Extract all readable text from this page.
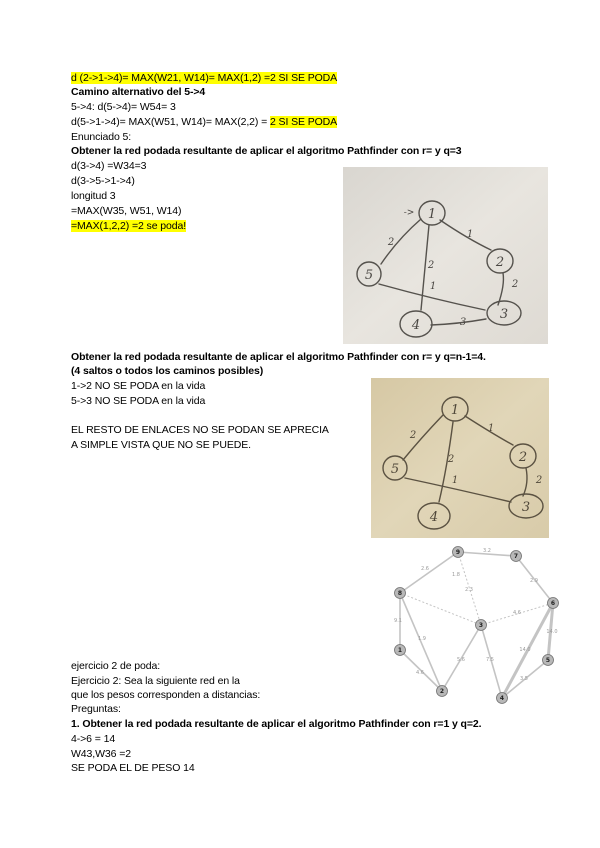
d (2->1->4)= MAX(W21, W14)= MAX(1,2) =2 SI SE PODA
Camino alternativo del 5->4
5->4: d(5->4)= W54= 3
d(5->1->4)= MAX(W51, W14)= MAX(2,2) = 2 SI SE PODA
Enunciado 5:
Obtener la red podada resultante de aplicar el algoritmo Pathfinder con r= y q=3
d(3->4) =W34=3
d(3->5->1->4)
longitud 3
=MAX(W35, W51, W14)
=MAX(1,2,2) =2 se poda!
Obtener la red podada resultante de aplicar el algoritmo Pathfinder con r= y q=n-1=4.
(4 saltos o todos los caminos posibles)
1->2 NO SE PODA en la vida
5->3 NO SE PODA en la vida
EL RESTO DE ENLACES NO SE PODAN SE APRECIA
A SIMPLE VISTA QUE NO SE PUEDE.
ejercicio 2 de poda:
Ejercicio 2: Sea la siguiente red en la
que los pesos corresponden a distancias:
Preguntas:
1. Obtener la red podada resultante de aplicar el algoritmo Pathfinder con r=1 y q=2.
4->6 = 14
W43,W36 =2
SE PODA EL DE PESO 14
1
2
5
4
3
->
1
2
2
2
1
3
1
2
5
4
3
1
2
2
2
1
3.2
2.6
1.8
2.3
2.9
9.1
1.9
4.6
5.6	7.5
14.0
14.0
4.6
3.5
9
7
8
6
3
1
5
4
2
